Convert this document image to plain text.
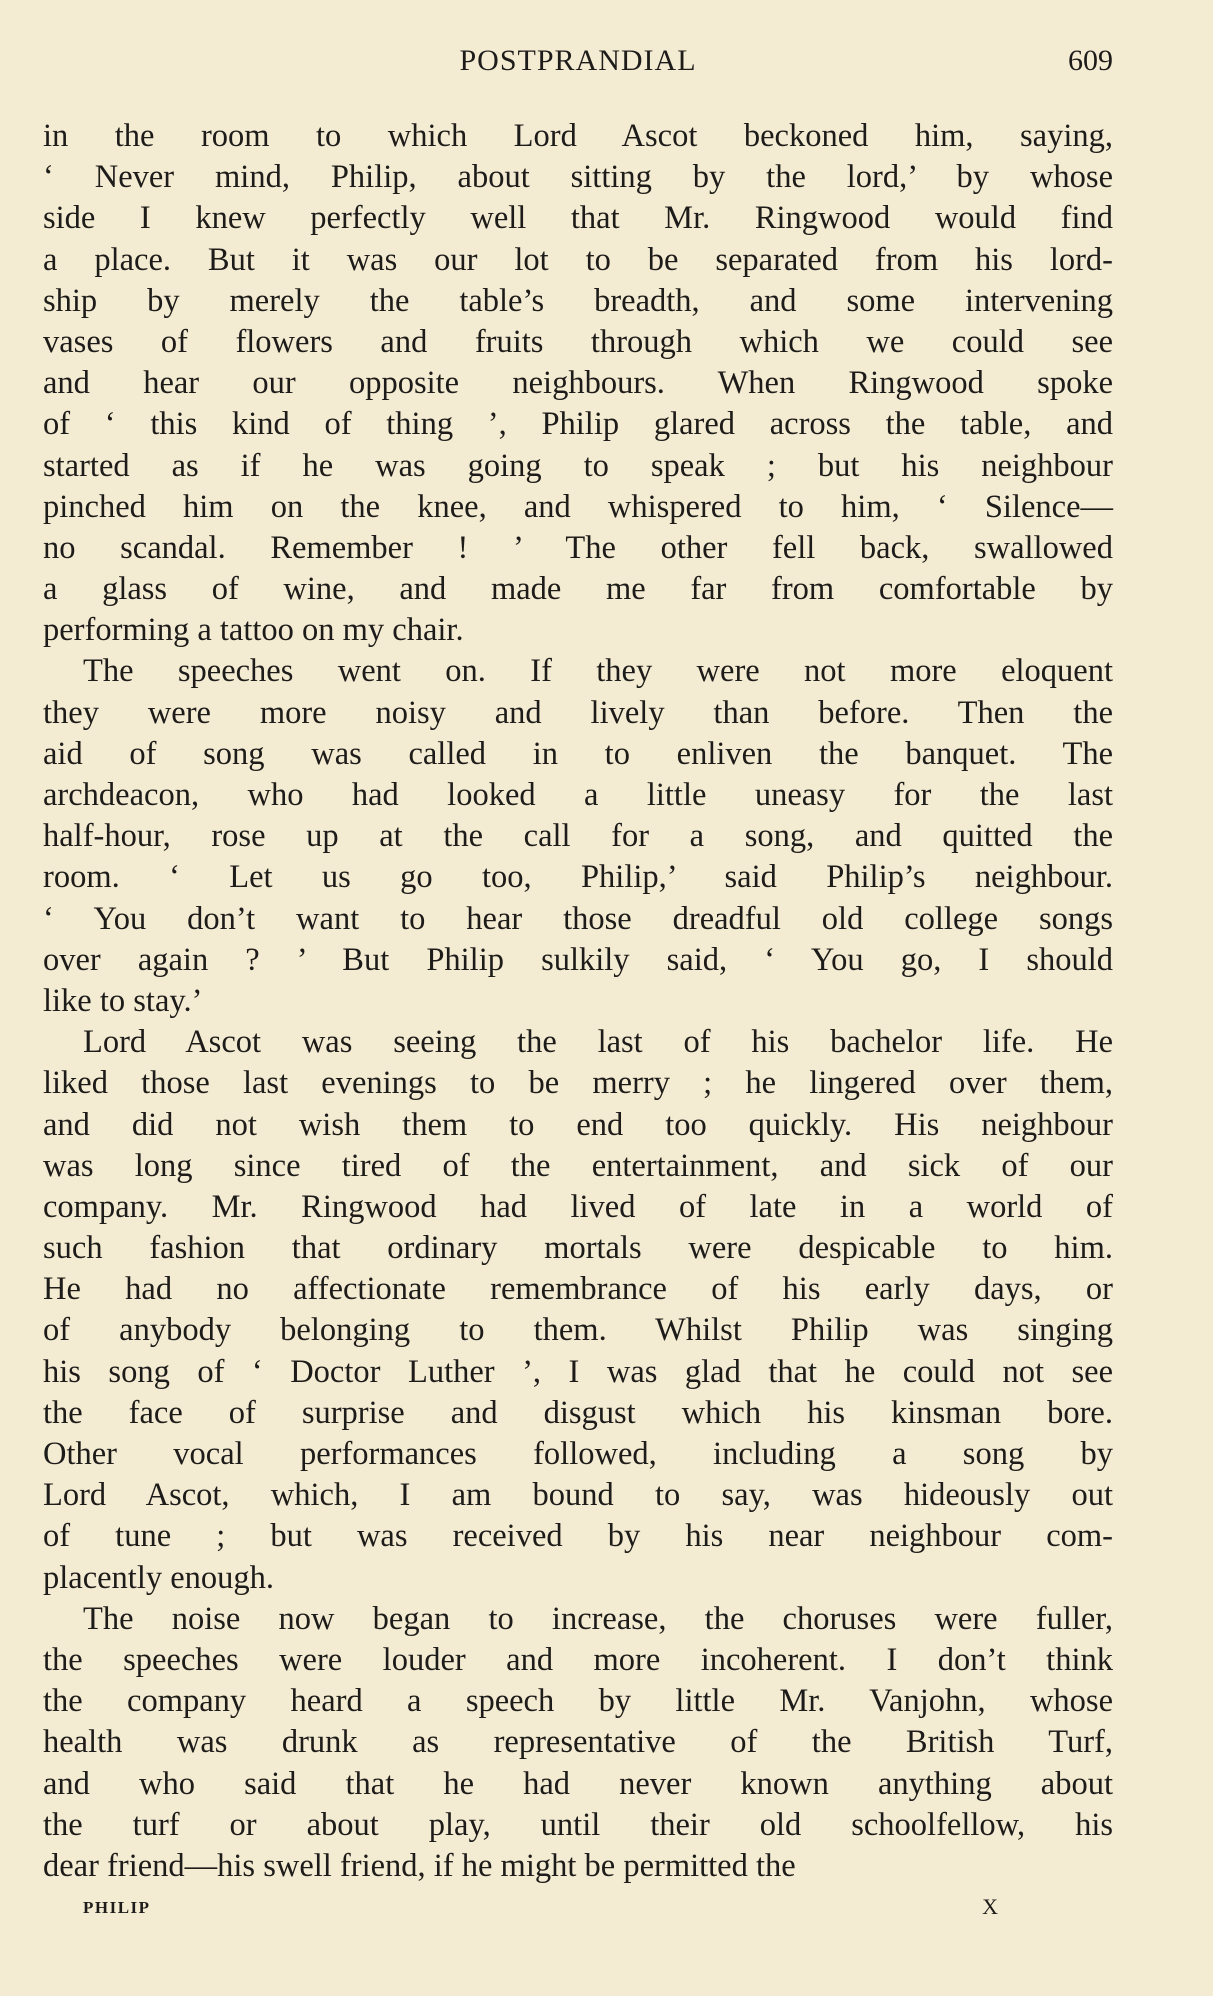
POSTPRANDIAL	609
in the room to which Lord Ascot beckoned him, saying,
‘ Never mind, Philip, about sitting by the lord,’ by whose
side I knew perfectly well that Mr. Ringwood would find
a place. But it was our lot to be separated from his lord-
ship by merely the table’s breadth, and some intervening
vases of flowers and fruits through which we could see
and hear our opposite neighbours. When Ringwood spoke
of ‘ this kind of thing ’, Philip glared across the table, and
started as if he was going to speak ; but his neighbour
pinched him on the knee, and whispered to him, ‘ Silence—
no scandal. Remember ! ’ The other fell back, swallowed
a glass of wine, and made me far from comfortable by
performing a tattoo on my chair.
The speeches went on. If they were not more eloquent
they were more noisy and lively than before. Then the
aid of song was called in to enliven the banquet. The
archdeacon, who had looked a little uneasy for the last
half-hour, rose up at the call for a song, and quitted the
room. ‘ Let us go too, Philip,’ said Philip’s neighbour.
‘ You don’t want to hear those dreadful old college songs
over again ? ’ But Philip sulkily said, ‘ You go, I should
like to stay.’
Lord Ascot was seeing the last of his bachelor life. He
liked those last evenings to be merry ; he lingered over them,
and did not wish them to end too quickly. His neighbour
was long since tired of the entertainment, and sick of our
company. Mr. Ringwood had lived of late in a world of
such fashion that ordinary mortals were despicable to him.
He had no affectionate remembrance of his early days, or
of anybody belonging to them. Whilst Philip was singing
his song of ‘ Doctor Luther ’, I was glad that he could not see
the face of surprise and disgust which his kinsman bore.
Other vocal performances followed, including a song by
Lord Ascot, which, I am bound to say, was hideously out
of tune ; but was received by his near neighbour com-
placently enough.
The noise now began to increase, the choruses were fuller,
the speeches were louder and more incoherent. I don’t think
the company heard a speech by little Mr. Vanjohn, whose
health was drunk as representative of the British Turf,
and who said that he had never known anything about
the turf or about play, until their old schoolfellow, his
dear friend—his swell friend, if he might be permitted the
PHILIP	X
